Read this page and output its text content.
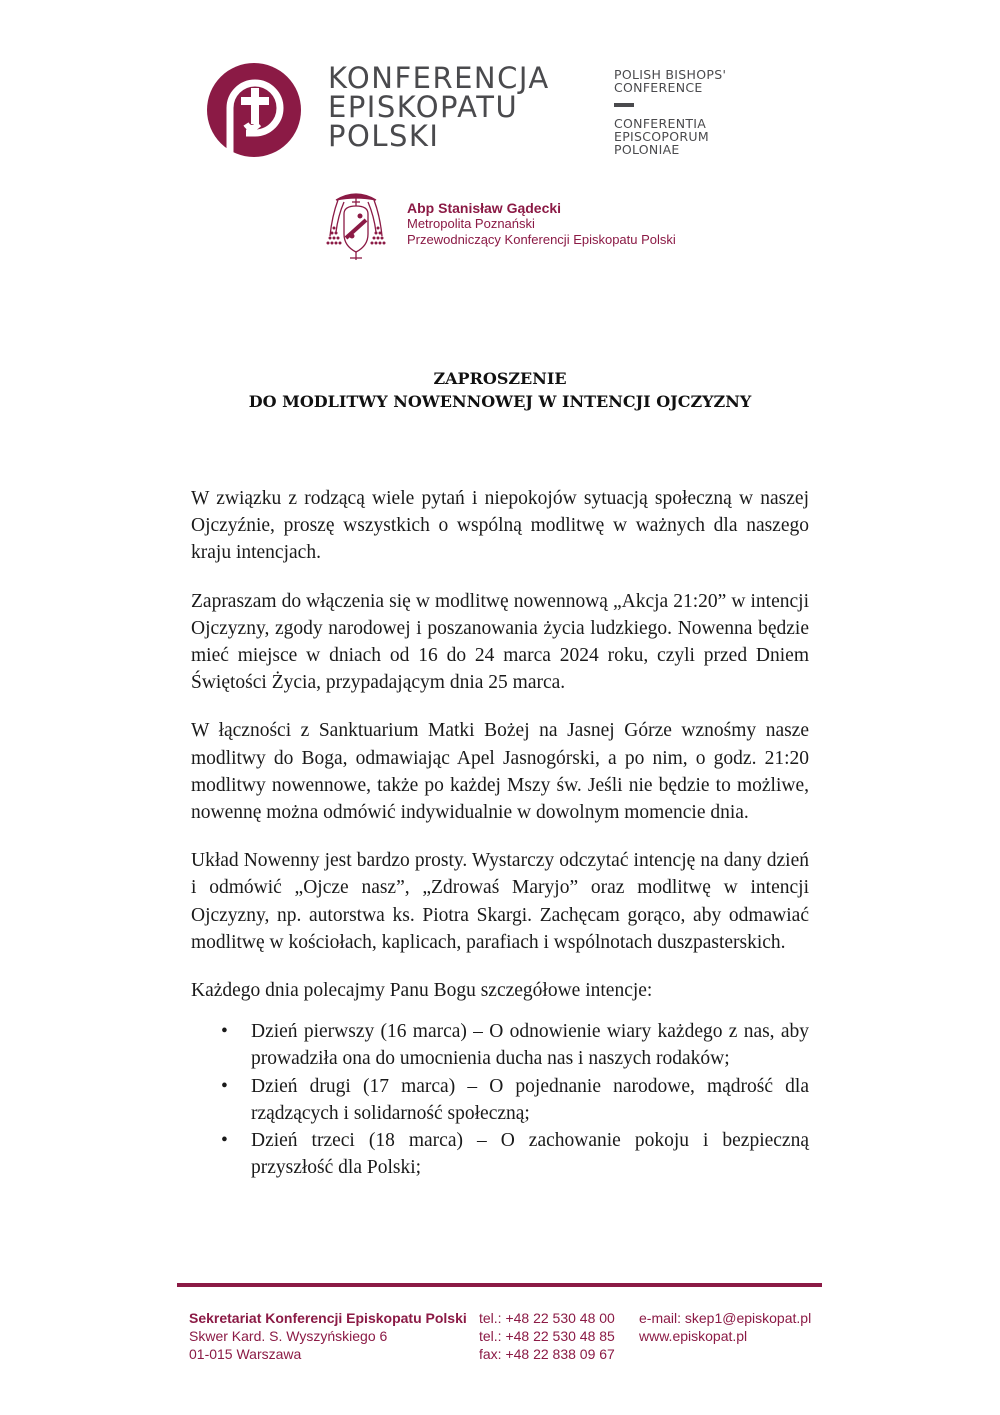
KONFERENCJA
EPISKOPATU
POLSKI
POLISH BISHOPS'
CONFERENCE
CONFERENTIA
EPISCOPORUM
POLONIAE
Abp Stanisław Gądecki
Metropolita Poznański
Przewodniczący Konferencji Episkopatu Polski
ZAPROSZENIE
DO MODLITWY NOWENNOWEJ W INTENCJI OJCZYZNY

W związku z rodzącą wiele pytań i niepokojów sytuacją społeczną w naszej Ojczyźnie, proszę wszystkich o wspólną modlitwę w ważnych dla naszego kraju intencjach.

Zapraszam do włączenia się w modlitwę nowennową „Akcja 21:20” w intencji Ojczyzny, zgody narodowej i poszanowania życia ludzkiego. Nowenna będzie mieć miejsce w dniach od 16 do 24 marca 2024 roku, czyli przed Dniem Świętości Życia, przypadającym dnia 25 marca.

W łączności z Sanktuarium Matki Bożej na Jasnej Górze wznośmy nasze modlitwy do Boga, odmawiając Apel Jasnogórski, a po nim, o godz. 21:20 modlitwy nowennowe, także po każdej Mszy św. Jeśli nie będzie to możliwe, nowennę można odmówić indywidualnie w dowolnym momencie dnia.

Układ Nowenny jest bardzo prosty. Wystarczy odczytać intencję na dany dzień i odmówić „Ojcze nasz”, „Zdrowaś Maryjo” oraz modlitwę w intencji Ojczyzny, np. autorstwa ks. Piotra Skargi. Zachęcam gorąco, aby odmawiać modlitwę w kościołach, kaplicach, parafiach i wspólnotach duszpasterskich.

Każdego dnia polecajmy Panu Bogu szczegółowe intencje:

• Dzień pierwszy (16 marca) – O odnowienie wiary każdego z nas, aby prowadziła ona do umocnienia ducha nas i naszych rodaków;
• Dzień drugi (17 marca) – O pojednanie narodowe, mądrość dla rządzących i solidarność społeczną;
• Dzień trzeci (18 marca) – O zachowanie pokoju i bezpieczną przyszłość dla Polski;
Sekretariat Konferencji Episkopatu Polski
Skwer Kard. S. Wyszyńskiego 6
01-015 Warszawa
tel.: +48 22 530 48 00
tel.: +48 22 530 48 85
fax: +48 22 838 09 67
e-mail: skep1@episkopat.pl
www.episkopat.pl
